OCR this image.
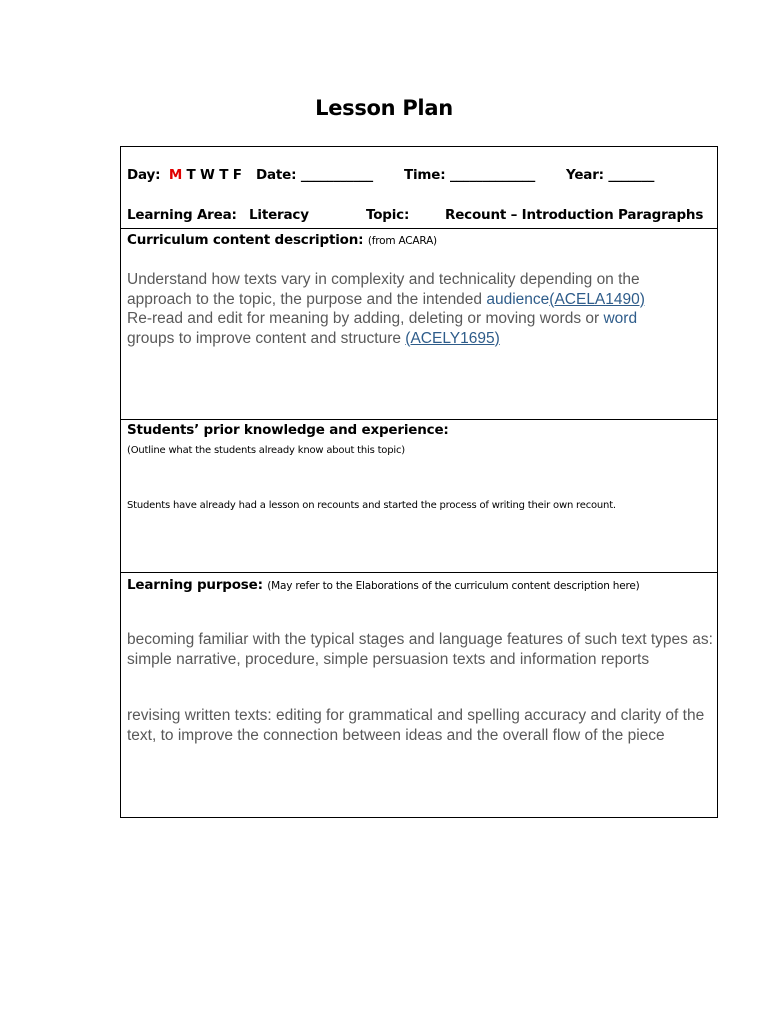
Lesson Plan
Day: M T W T F Date: ___________ Time: _____________ Year: _______
Learning Area: Literacy	Topic:	Recount – Introduction Paragraphs
Curriculum content description: (from ACARA)
Understand how texts vary in complexity and technicality depending on the
approach to the topic, the purpose and the intended audience(ACELA1490)
Re-read and edit for meaning by adding, deleting or moving words or word
groups to improve content and structure (ACELY1695)
Students’ prior knowledge and experience:
(Outline what the students already know about this topic)
Students have already had a lesson on recounts and started the process of writing their own recount.
Learning purpose: (May refer to the Elaborations of the curriculum content description here)
becoming familiar with the typical stages and language features of such text types as: simple narrative, procedure, simple persuasion texts and information reports
revising written texts: editing for grammatical and spelling accuracy and clarity of the text, to improve the connection between ideas and the overall flow of the piece
